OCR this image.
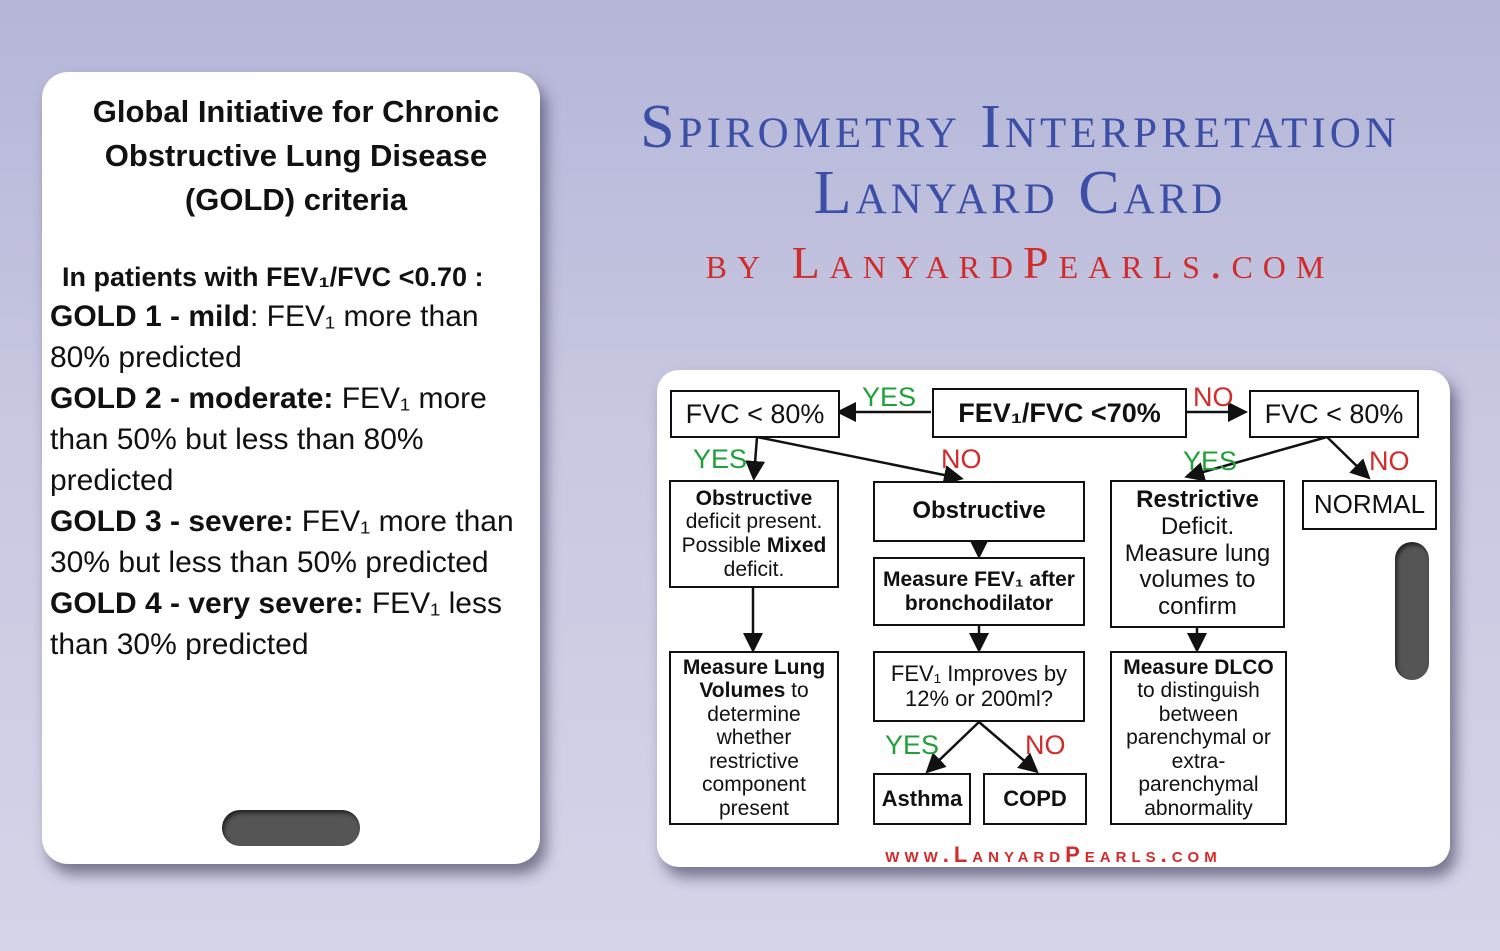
Global Initiative for Chronic
Obstructive Lung Disease
(GOLD) criteria
In patients with FEV₁/FVC <0.70 :

GOLD 1 - mild: FEV₁ more than 80% predicted

GOLD 2 - moderate: FEV₁ more than 50% but less than 80% predicted

GOLD 3 - severe: FEV₁ more than 30% but less than 50% predicted

GOLD 4 - very severe: FEV₁ less than 30% predicted

Spirometry Interpretation
Lanyard Card
by LanyardPearls.com
FVC < 80%	FEV₁/FVC <70%	FVC < 80%
YES	NO
YES	NO	YES	NO
Obstructive
deficit present.
Possible Mixed
deficit.
Obstructive
Measure FEV₁ after
bronchodilator
FEV₁ Improves by
12% or 200ml?
YES	NO
Asthma	COPD
Measure Lung Volumes to determine whether restrictive component present
Restrictive
Deficit. Measure lung volumes to confirm
NORMAL
Measure DLCO to distinguish between parenchymal or extra-parenchymal abnormality
www.LanyardPearls.com
